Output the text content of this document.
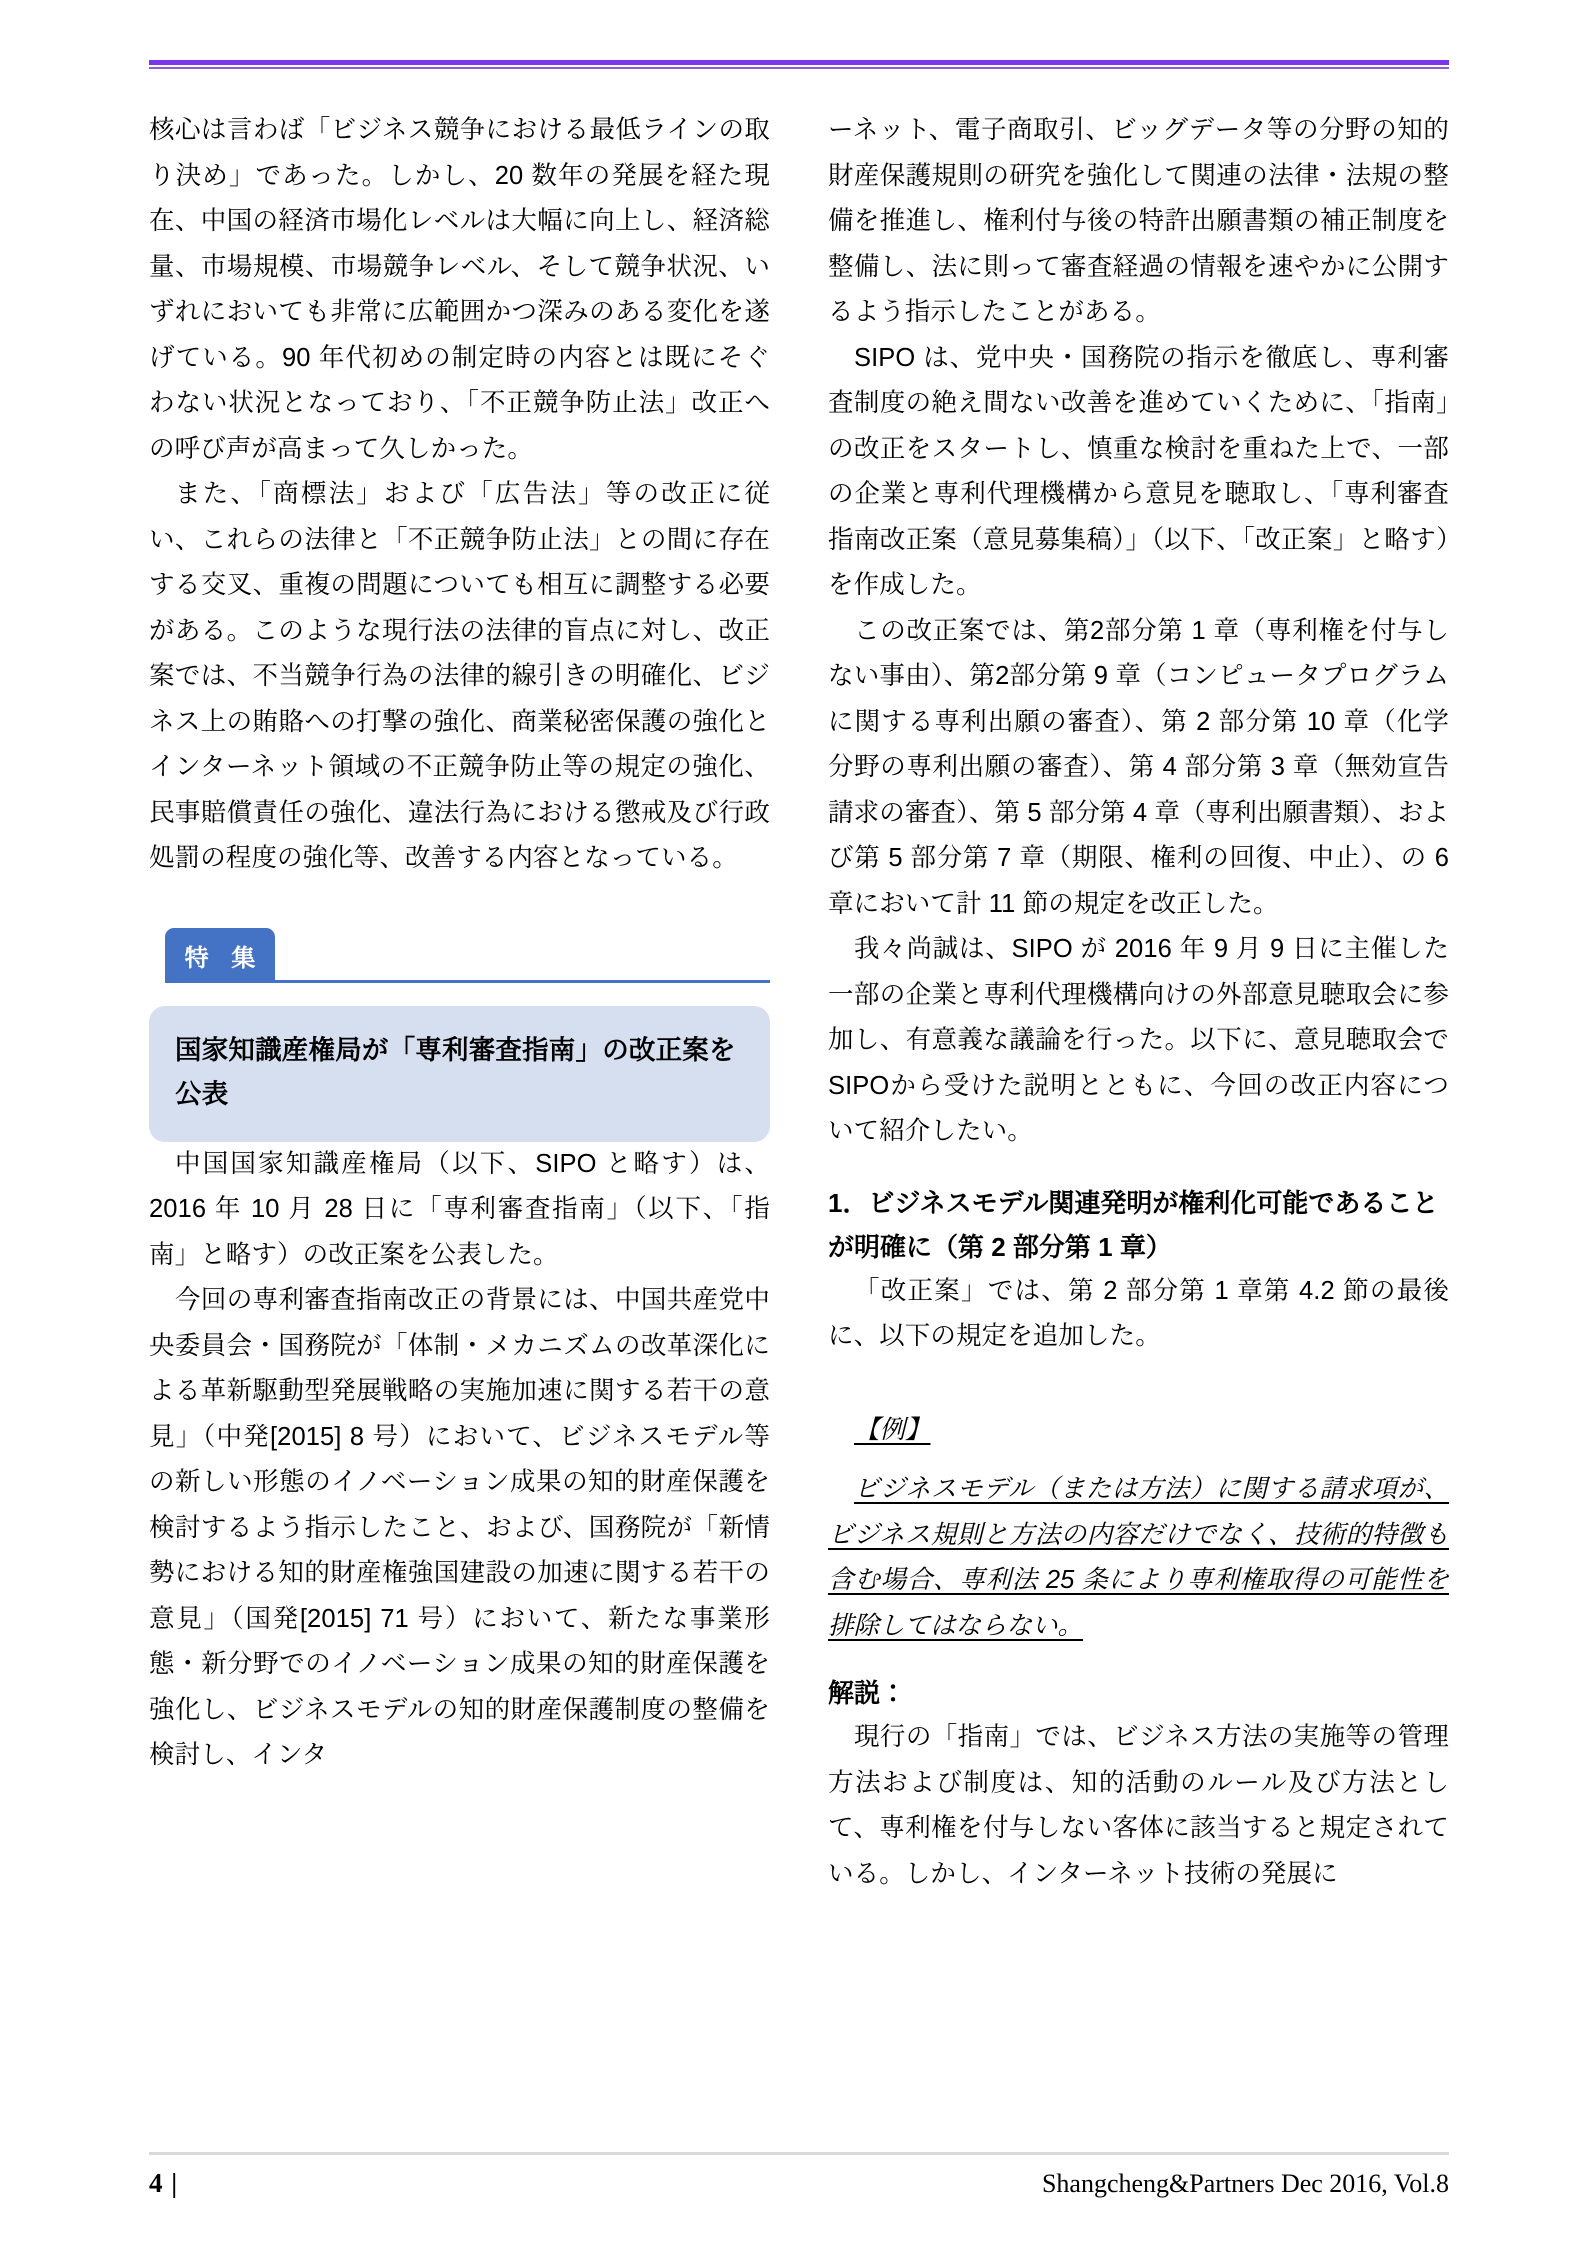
核心は言わば「ビジネス競争における最低ラインの取り決め」であった。しかし、20 数年の発展を経た現在、中国の経済市場化レベルは大幅に向上し、経済総量、市場規模、市場競争レベル、そして競争状況、いずれにおいても非常に広範囲かつ深みのある変化を遂げている。90 年代初めの制定時の内容とは既にそぐわない状況となっており、「不正競争防止法」改正への呼び声が高まって久しかった。

また、「商標法」および「広告法」等の改正に従い、これらの法律と「不正競争防止法」との間に存在する交叉、重複の問題についても相互に調整する必要がある。このような現行法の法律的盲点に対し、改正案では、不当競争行為の法律的線引きの明確化、ビジネス上の賄賂への打撃の強化、商業秘密保護の強化とインターネット領域の不正競争防止等の規定の強化、民事賠償責任の強化、違法行為における懲戒及び行政処罰の程度の強化等、改善する内容となっている。

特 集
国家知識産権局が「専利審査指南」の改正案を公表

中国国家知識産権局（以下、SIPO と略す）は、2016 年 10 月 28 日に「専利審査指南」（以下、「指南」と略す）の改正案を公表した。

今回の専利審査指南改正の背景には、中国共産党中央委員会・国務院が「体制・メカニズムの改革深化による革新駆動型発展戦略の実施加速に関する若干の意見」（中発[2015] 8 号）において、ビジネスモデル等の新しい形態のイノベーション成果の知的財産保護を検討するよう指示したこと、および、国務院が「新情勢における知的財産権強国建設の加速に関する若干の意見」（国発[2015] 71 号）において、新たな事業形態・新分野でのイノベーション成果の知的財産保護を強化し、ビジネスモデルの知的財産保護制度の整備を検討し、インタ

ーネット、電子商取引、ビッグデータ等の分野の知的財産保護規則の研究を強化して関連の法律・法規の整備を推進し、権利付与後の特許出願書類の補正制度を整備し、法に則って審査経過の情報を速やかに公開するよう指示したことがある。

SIPO は、党中央・国務院の指示を徹底し、専利審査制度の絶え間ない改善を進めていくために、「指南」の改正をスタートし、慎重な検討を重ねた上で、一部の企業と専利代理機構から意見を聴取し、「専利審査指南改正案（意見募集稿）」（以下、「改正案」と略す）を作成した。

この改正案では、第2部分第 1 章（専利権を付与しない事由）、第2部分第 9 章（コンピュータプログラムに関する専利出願の審査）、第 2 部分第 10 章（化学分野の専利出願の審査）、第 4 部分第 3 章（無効宣告請求の審査）、第 5 部分第 4 章（専利出願書類）、および第 5 部分第 7 章（期限、権利の回復、中止）、の 6 章において計 11 節の規定を改正した。

我々尚誠は、SIPO が 2016 年 9 月 9 日に主催した一部の企業と専利代理機構向けの外部意見聴取会に参加し、有意義な議論を行った。以下に、意見聴取会でSIPOから受けた説明とともに、今回の改正内容について紹介したい。

1．ビジネスモデル関連発明が権利化可能であることが明確に（第 2 部分第 1 章）

「改正案」では、第 2 部分第 1 章第 4.2 節の最後に、以下の規定を追加した。

【例】

ビジネスモデル（または方法）に関する請求項が、ビジネス規則と方法の内容だけでなく、技術的特徴も含む場合、専利法 25 条により専利権取得の可能性を排除してはならない。

解説：

現行の「指南」では、ビジネス方法の実施等の管理方法および制度は、知的活動のルール及び方法として、専利権を付与しない客体に該当すると規定されている。しかし、インターネット技術の発展に

4 |	Shangcheng&Partners Dec 2016, Vol.8
